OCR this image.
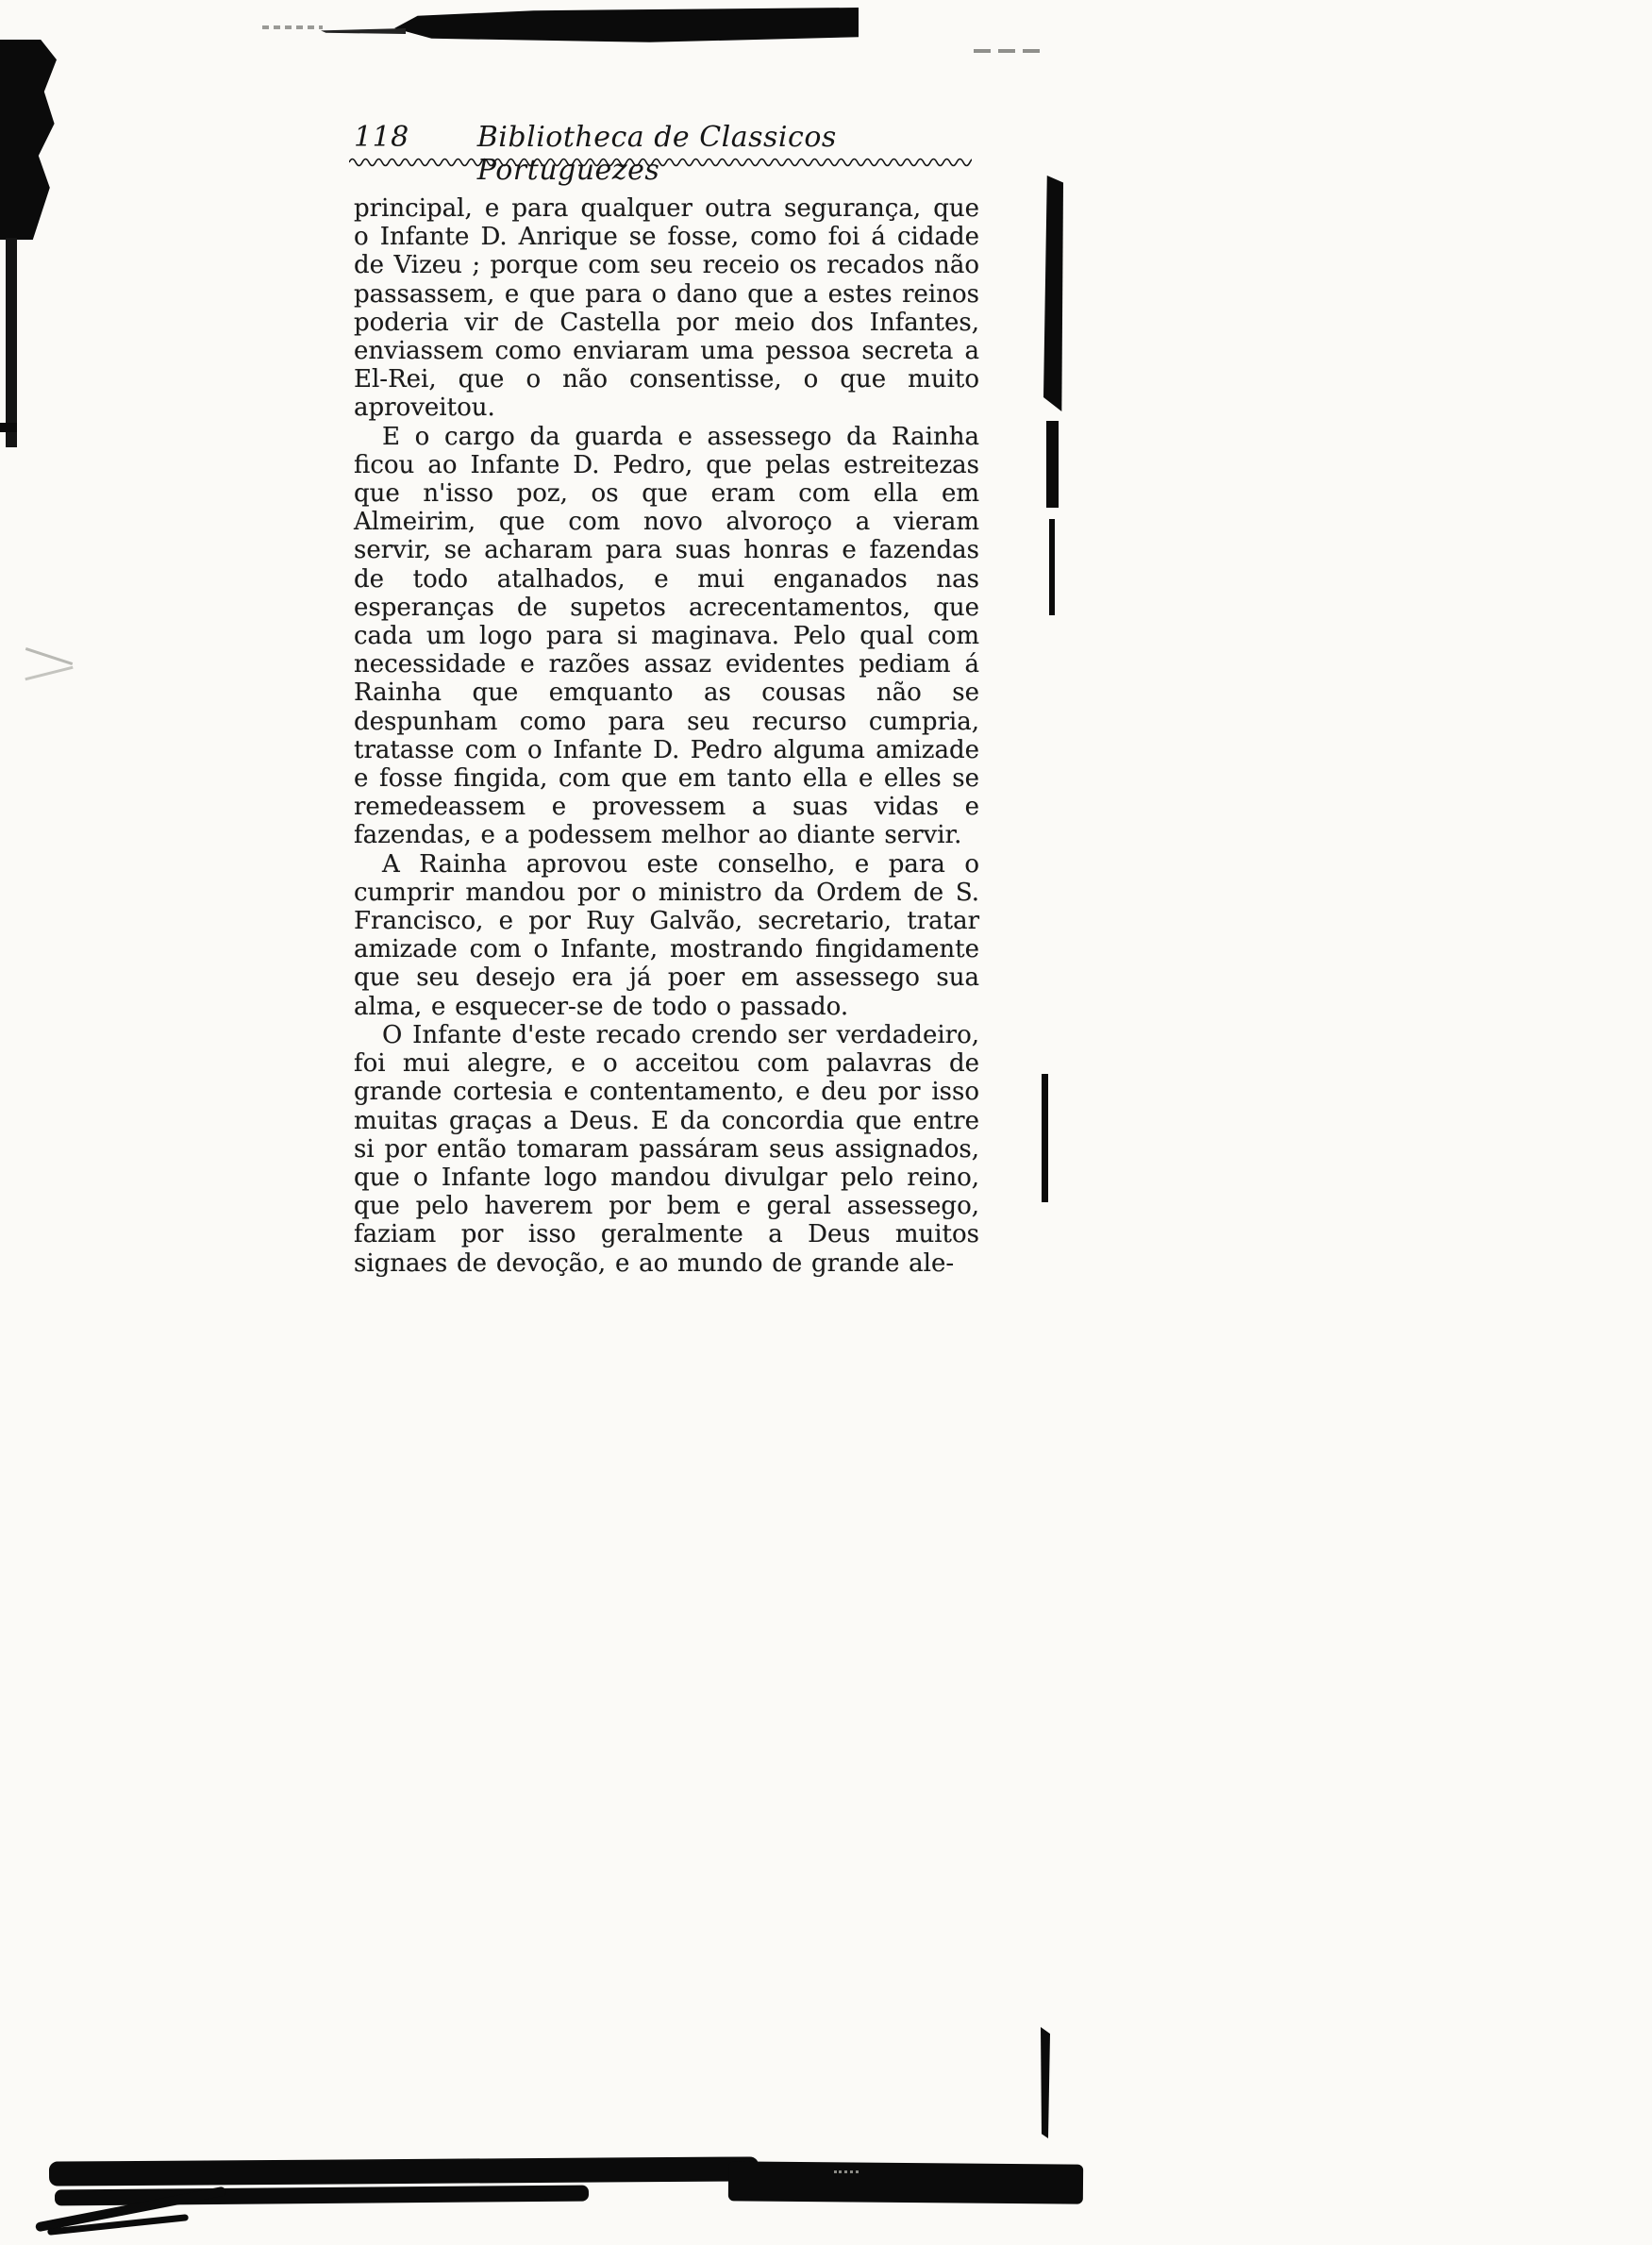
118 Bibliotheca de Classicos Portuguezes

principal, e para qualquer outra segurança, que o Infante D. Anrique se fosse, como foi á cidade de Vizeu ; porque com seu receio os recados não passassem, e que para o dano que a estes reinos poderia vir de Castella por meio dos Infantes, enviassem como enviaram uma pessoa secreta a El-Rei, que o não consentisse, o que muito aproveitou.

E o cargo da guarda e assessego da Rainha ficou ao Infante D. Pedro, que pelas estreitezas que n'isso poz, os que eram com ella em Almeirim, que com novo alvoroço a vieram servir, se acharam para suas honras e fazendas de todo atalhados, e mui enganados nas esperanças de supetos acrecentamentos, que cada um logo para si maginava. Pelo qual com necessidade e razões assaz evidentes pediam á Rainha que emquanto as cousas não se despunham como para seu recurso cumpria, tratasse com o Infante D. Pedro alguma amizade e fosse fingida, com que em tanto ella e elles se remedeassem e provessem a suas vidas e fazendas, e a podessem melhor ao diante servir.

A Rainha aprovou este conselho, e para o cumprir mandou por o ministro da Ordem de S. Francisco, e por Ruy Galvão, secretario, tratar amizade com o Infante, mostrando fingidamente que seu desejo era já poer em assessego sua alma, e esquecer-se de todo o passado.

O Infante d'este recado crendo ser verdadeiro, foi mui alegre, e o acceitou com palavras de grande cortesia e contentamento, e deu por isso muitas graças a Deus. E da concordia que entre si por então tomaram passáram seus assignados, que o Infante logo mandou divulgar pelo reino, que pelo haverem por bem e geral assessego, faziam por isso geralmente a Deus muitos signaes de devoção, e ao mundo de grande ale-
